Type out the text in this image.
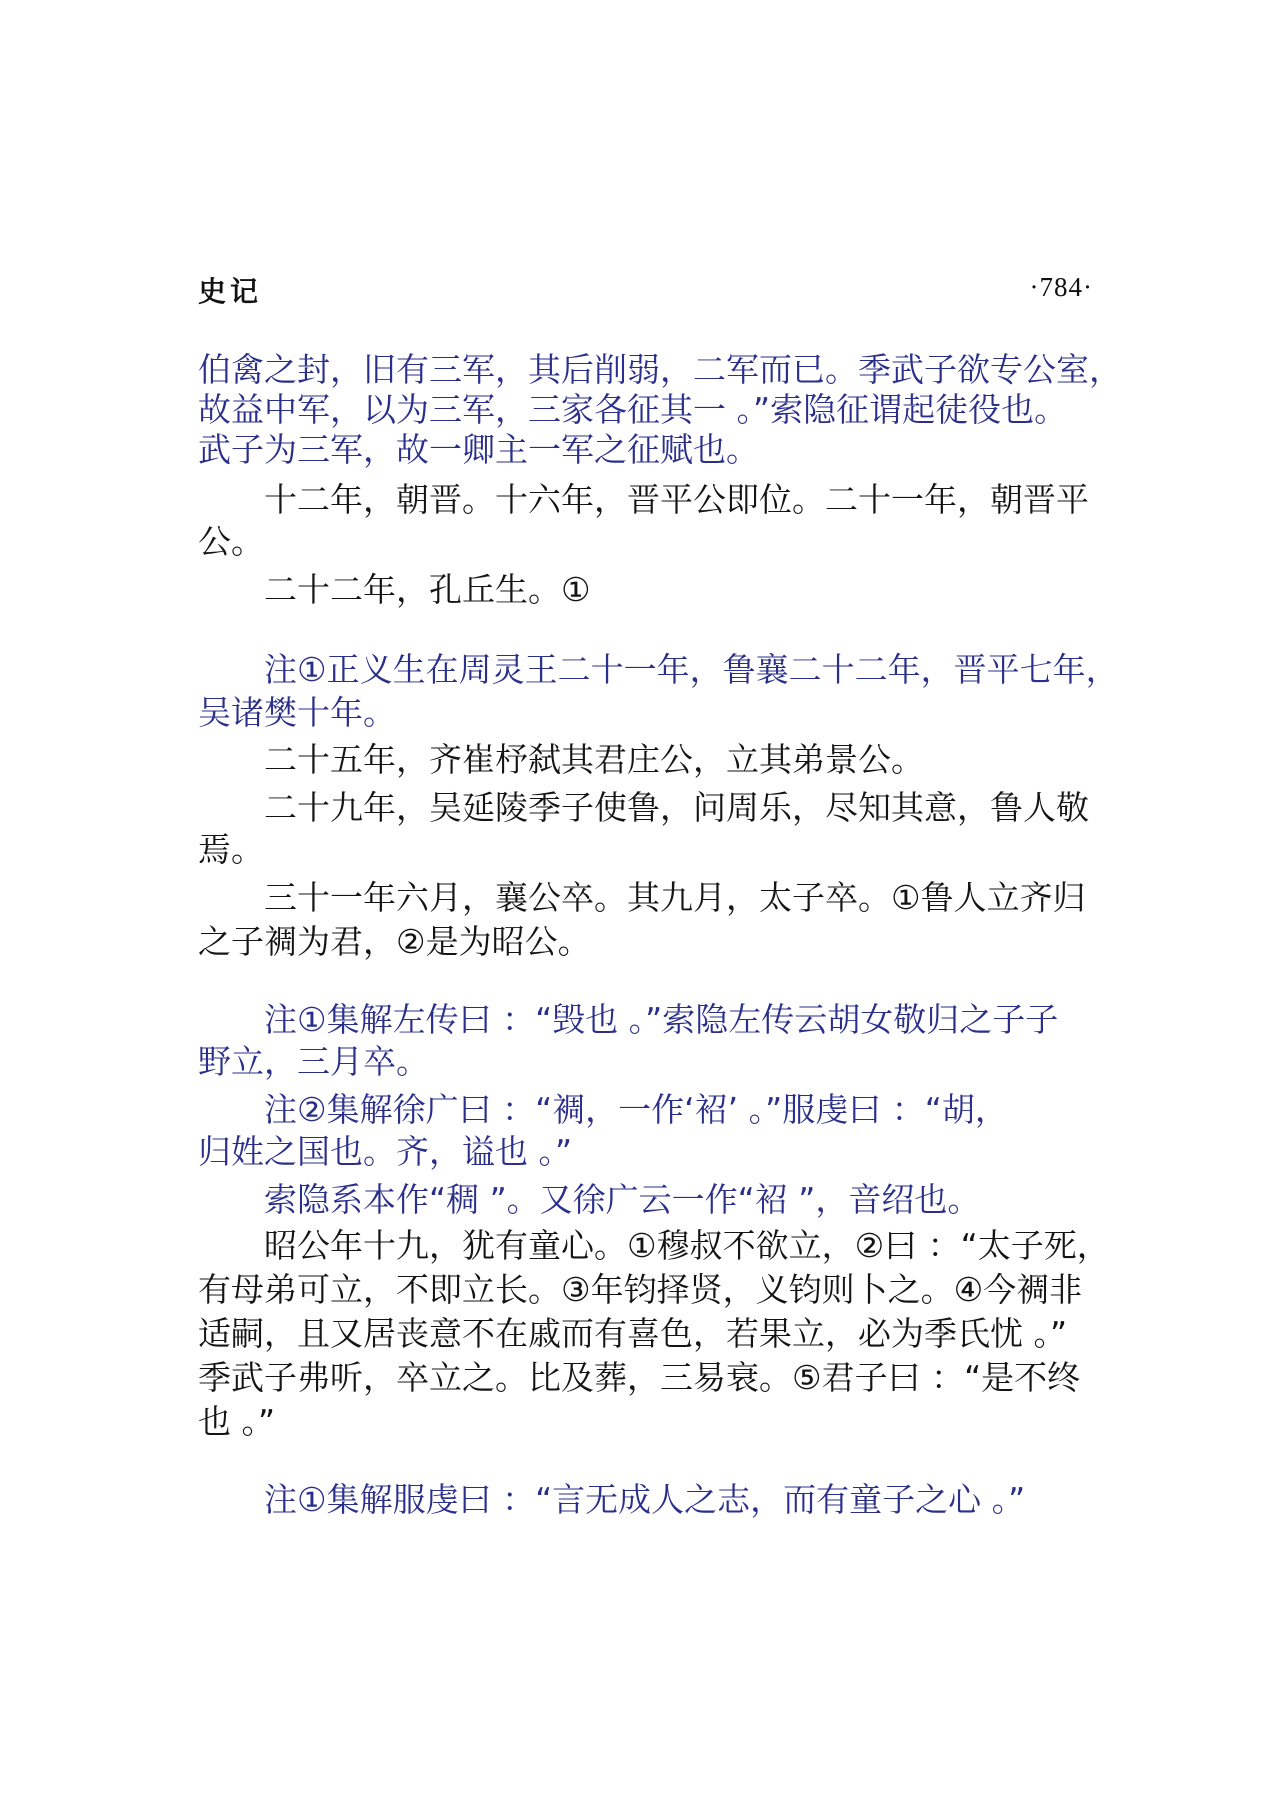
史记	·784·
伯禽之封，旧有三军，其后削弱，二军而已。季武子欲专公室，
故益中军，以为三军，三家各征其一 。”索隐征谓起徒役也。
武子为三军，故一卿主一军之征赋也。
十二年，朝晋。十六年，晋平公即位。二十一年，朝晋平
公。
二十二年，孔丘生。①
注①正义生在周灵王二十一年，鲁襄二十二年，晋平七年，
吴诸樊十年。
二十五年，齐崔杼弑其君庄公，立其弟景公。
二十九年，吴延陵季子使鲁，问周乐，尽知其意，鲁人敬
焉。
三十一年六月，襄公卒。其九月，太子卒。①鲁人立齐归
之子裯为君，②是为昭公。
注①集解左传曰 ：“毁也 。”索隐左传云胡女敬归之子子
野立，三月卒。
注②集解徐广曰 ：“裯，一作‘袑’ 。”服虔曰 ：“胡，
归姓之国也。齐，谥也 。”
索隐系本作“稠 ”。又徐广云一作“袑 ”，音绍也。
昭公年十九，犹有童心。①穆叔不欲立，②曰 ：“太子死，
有母弟可立，不即立长。③年钧择贤，义钧则卜之。④今裯非
适嗣，且又居丧意不在戚而有喜色，若果立，必为季氏忧 。”
季武子弗听，卒立之。比及葬，三易衰。⑤君子曰 ：“是不终
也 。”
注①集解服虔曰 ：“言无成人之志，而有童子之心 。”
